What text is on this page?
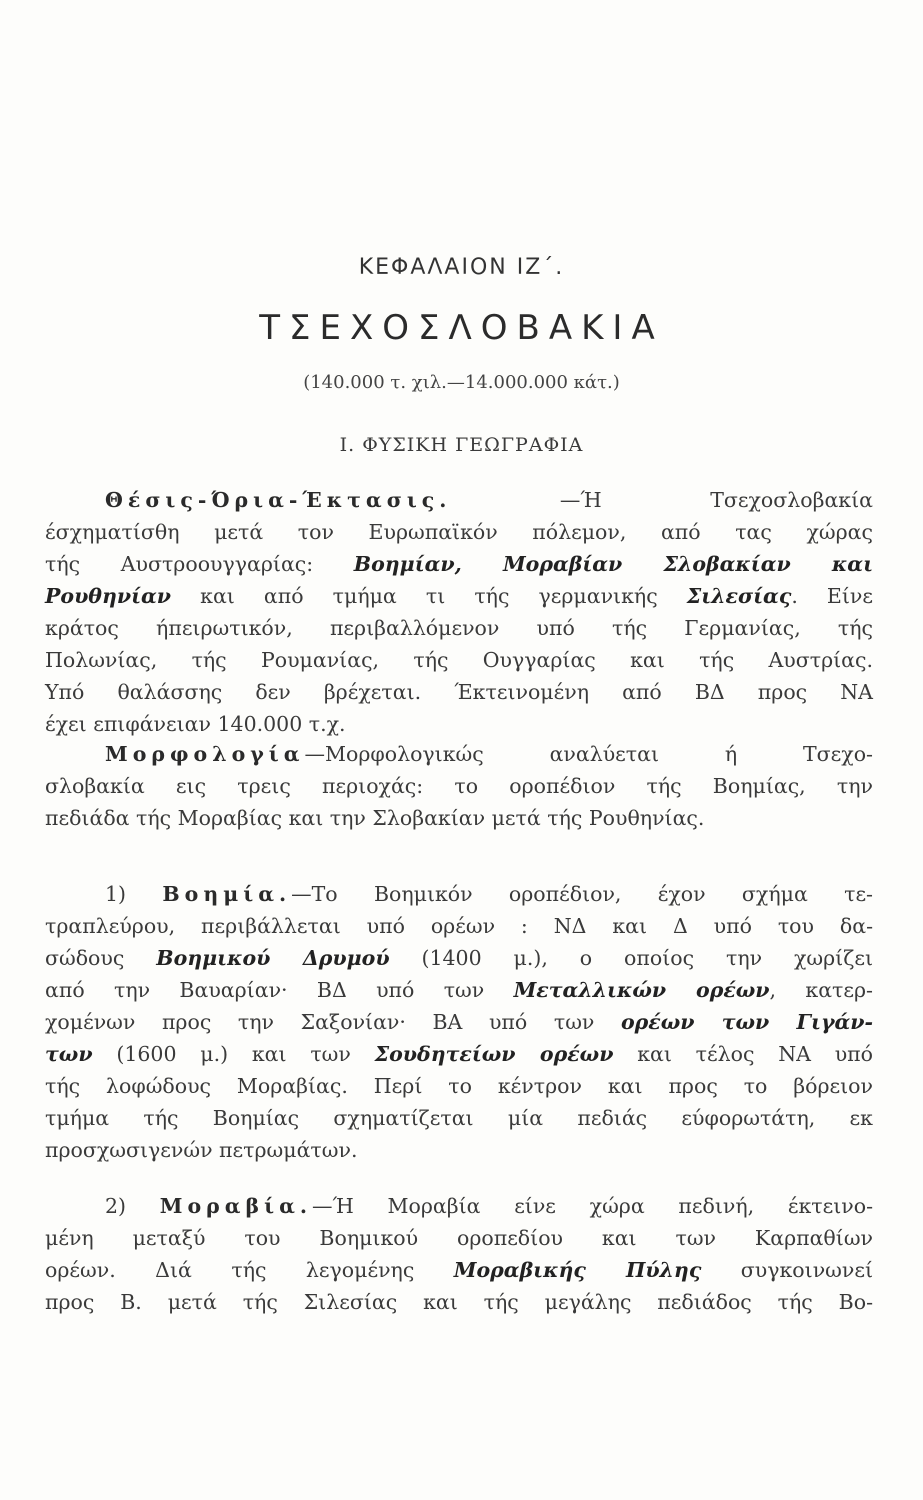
ΚΕΦΑΛΑΙΟΝ ΙΖ΄.
ΤΣΕΧΟΣΛΟΒΑΚΙΑ
(140.000 τ. χιλ.—14.000.000 κάτ.)
Ι. ΦΥΣΙΚΗ ΓΕΩΓΡΑΦΙΑ
Θέσις-Όρια-Έκτασις. —Ή Τσεχοσλοβακία
έσχηματίσθη μετά τον Ευρωπαϊκόν πόλεμον, από τας χώρας
τής Αυστροουγγαρίας: Βοημίαν, Μοραβίαν Σλοβακίαν και
Ρουθηνίαν και από τμήμα τι τής γερμανικής Σιλεσίας. Είνε
κράτος ήπειρωτικόν, περιβαλλόμενον υπό τής Γερμανίας, τής
Πολωνίας, τής Ρουμανίας, τής Ουγγαρίας και τής Αυστρίας.
Υπό θαλάσσης δεν βρέχεται. Έκτεινομένη από ΒΔ προς ΝΑ
έχει επιφάνειαν 140.000 τ.χ.
Μορφολογία—Μορφολογικώς αναλύεται ή Τσεχο-
σλοβακία εις τρεις περιοχάς: το οροπέδιον τής Βοημίας, την
πεδιάδα τής Μοραβίας και την Σλοβακίαν μετά τής Ρουθηνίας.
1) Βοημία.—Το Βοημικόν οροπέδιον, έχον σχήμα τε-
τραπλεύρου, περιβάλλεται υπό ορέων : ΝΔ και Δ υπό του δα-
σώδους Βοημικού Δρυμού (1400 μ.), ο οποίος την χωρίζει
από την Βαυαρίαν· ΒΔ υπό των Μεταλλικών ορέων, κατερ-
χομένων προς την Σαξονίαν· ΒΑ υπό των ορέων των Γιγάν-
των (1600 μ.) και των Σουδητείων ορέων και τέλος ΝΑ υπό
τής λοφώδους Μοραβίας. Περί το κέντρον και προς το βόρειον
τμήμα τής Βοημίας σχηματίζεται μία πεδιάς εύφορωτάτη, εκ
προσχωσιγενών πετρωμάτων.
2) Μοραβία.—Ή Μοραβία είνε χώρα πεδινή, έκτεινο-
μένη μεταξύ του Βοημικού οροπεδίου και των Καρπαθίων
ορέων. Διά τής λεγομένης Μοραβικής Πύλης συγκοινωνεί
προς Β. μετά τής Σιλεσίας και τής μεγάλης πεδιάδος τής Βο-
